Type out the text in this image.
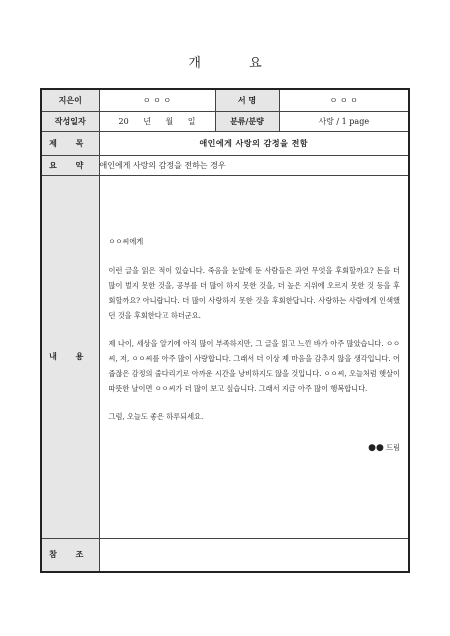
개 요
지은이	ㅇ ㅇ ㅇ	서 명	ㅇ ㅇ ㅇ
작성일자	20 년 월 일	분류/분량	사랑 / 1 page
제 목	애인에게 사랑의 감정을 전함		
요 약	애인에게 사랑의 감정을 전하는 경우		
내 용	ㅇㅇ씨에게

이런 글을 읽은 적이 있습니다. 죽음을 눈앞에 둔 사람들은 과연 무엇을 후회할까요? 돈을 더 많이 벌지 못한 것을, 공부를 더 많이 하지 못한 것을, 더 높은 지위에 오르지 못한 것 등을 후회할까요? 아니랍니다. 더 많이 사랑하지 못한 것을 후회한답니다. 사랑하는 사람에게 인색했던 것을 후회한다고 하더군요.

제 나이, 세상을 알기에 아직 많이 부족하지만, 그 글을 읽고 느낀 바가 아주 많았습니다. ㅇㅇ씨, 저, ㅇㅇ씨를 아주 많이 사랑합니다. 그래서 더 이상 제 마음을 감추지 않을 생각입니다. 어줍잖은 감정의 줄다리기로 아까운 시간을 낭비하지도 않을 것입니다. ㅇㅇ씨, 오늘처럼 햇살이 따뜻한 날이면 ㅇㅇ씨가 더 많이 보고 싶습니다. 그래서 지금 아주 많이 행복합니다.

그럼, 오늘도 좋은 하루되세요.

●● 드림		

참 조			
